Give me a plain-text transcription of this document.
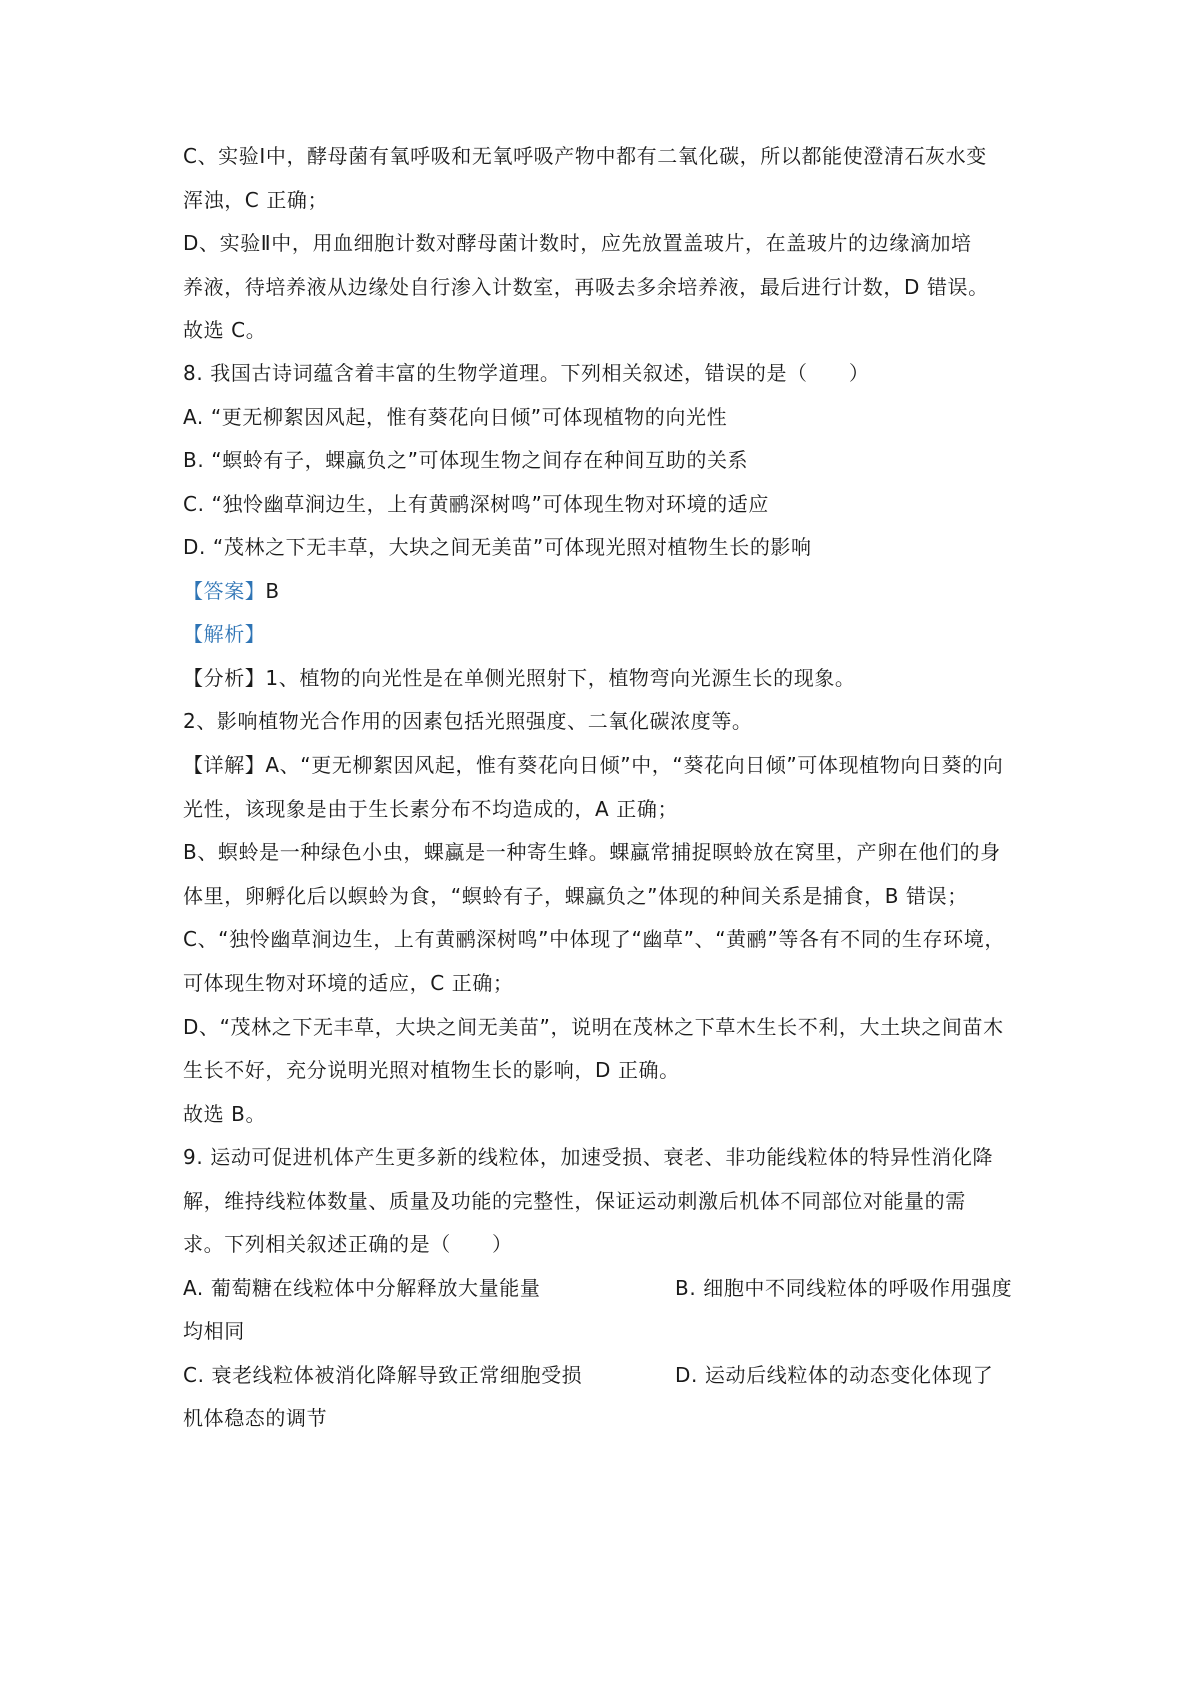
C、实验Ⅰ中，酵母菌有氧呼吸和无氧呼吸产物中都有二氧化碳，所以都能使澄清石灰水变
浑浊，C 正确；
D、实验Ⅱ中，用血细胞计数对酵母菌计数时，应先放置盖玻片，在盖玻片的边缘滴加培
养液，待培养液从边缘处自行渗入计数室，再吸去多余培养液，最后进行计数，D 错误。
故选 C。
8. 我国古诗词蕴含着丰富的生物学道理。下列相关叙述，错误的是（　　）
A. “更无柳絮因风起，惟有葵花向日倾”可体现植物的向光性
B. “螟蛉有子，蜾蠃负之”可体现生物之间存在种间互助的关系
C. “独怜幽草涧边生，上有黄鹂深树鸣”可体现生物对环境的适应
D. “茂林之下无丰草，大块之间无美苗”可体现光照对植物生长的影响
【答案】B
【解析】
【分析】1、植物的向光性是在单侧光照射下，植物弯向光源生长的现象。
2、影响植物光合作用的因素包括光照强度、二氧化碳浓度等。
【详解】A、“更无柳絮因风起，惟有葵花向日倾”中，“葵花向日倾”可体现植物向日葵的向
光性，该现象是由于生长素分布不均造成的，A 正确；
B、螟蛉是一种绿色小虫，蜾蠃是一种寄生蜂。蜾蠃常捕捉暝蛉放在窝里，产卵在他们的身
体里，卵孵化后以螟蛉为食，“螟蛉有子，蜾蠃负之”体现的种间关系是捕食，B 错误；
C、“独怜幽草涧边生，上有黄鹂深树鸣”中体现了“幽草”、“黄鹂”等各有不同的生存环境，
可体现生物对环境的适应，C 正确；
D、“茂林之下无丰草，大块之间无美苗”，说明在茂林之下草木生长不利，大土块之间苗木
生长不好，充分说明光照对植物生长的影响，D 正确。
故选 B。
9. 运动可促进机体产生更多新的线粒体，加速受损、衰老、非功能线粒体的特异性消化降
解，维持线粒体数量、质量及功能的完整性，保证运动刺激后机体不同部位对能量的需
求。下列相关叙述正确的是（　　）
A. 葡萄糖在线粒体中分解释放大量能量	B. 细胞中不同线粒体的呼吸作用强度
均相同
C. 衰老线粒体被消化降解导致正常细胞受损	D. 运动后线粒体的动态变化体现了
机体稳态的调节
